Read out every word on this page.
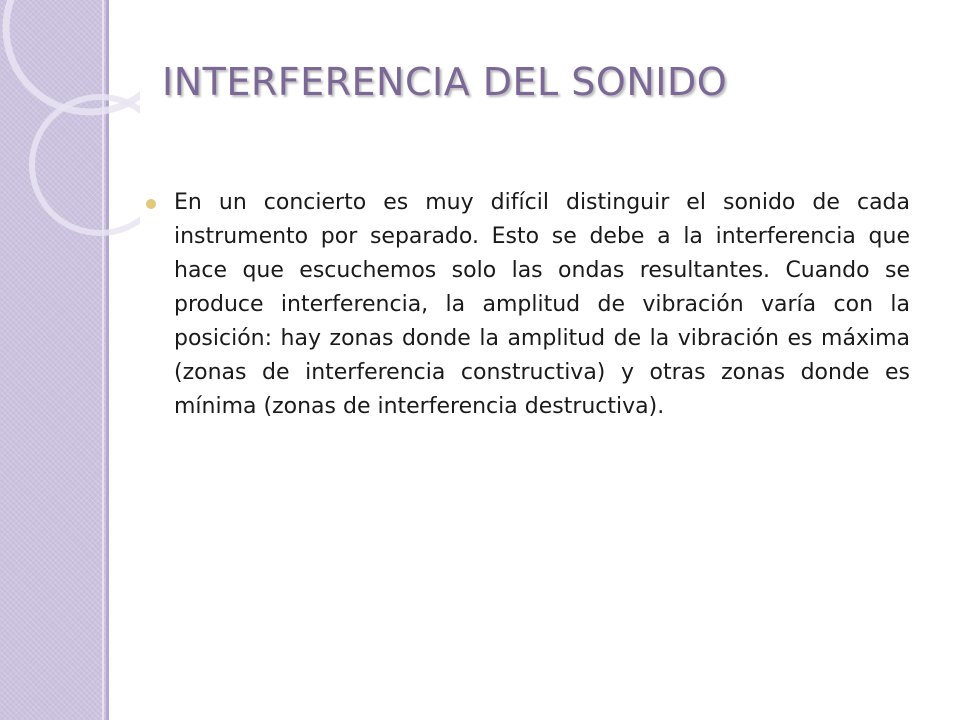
INTERFERENCIA DEL SONIDO
En un concierto es muy difícil distinguir el sonido de cada instrumento por separado. Esto se debe a la interferencia que hace que escuchemos solo las ondas resultantes. Cuando se produce interferencia, la amplitud de vibración varía con la posición: hay zonas donde la amplitud de la vibración es máxima (zonas de interferencia constructiva) y otras zonas donde es mínima (zonas de interferencia destructiva).
